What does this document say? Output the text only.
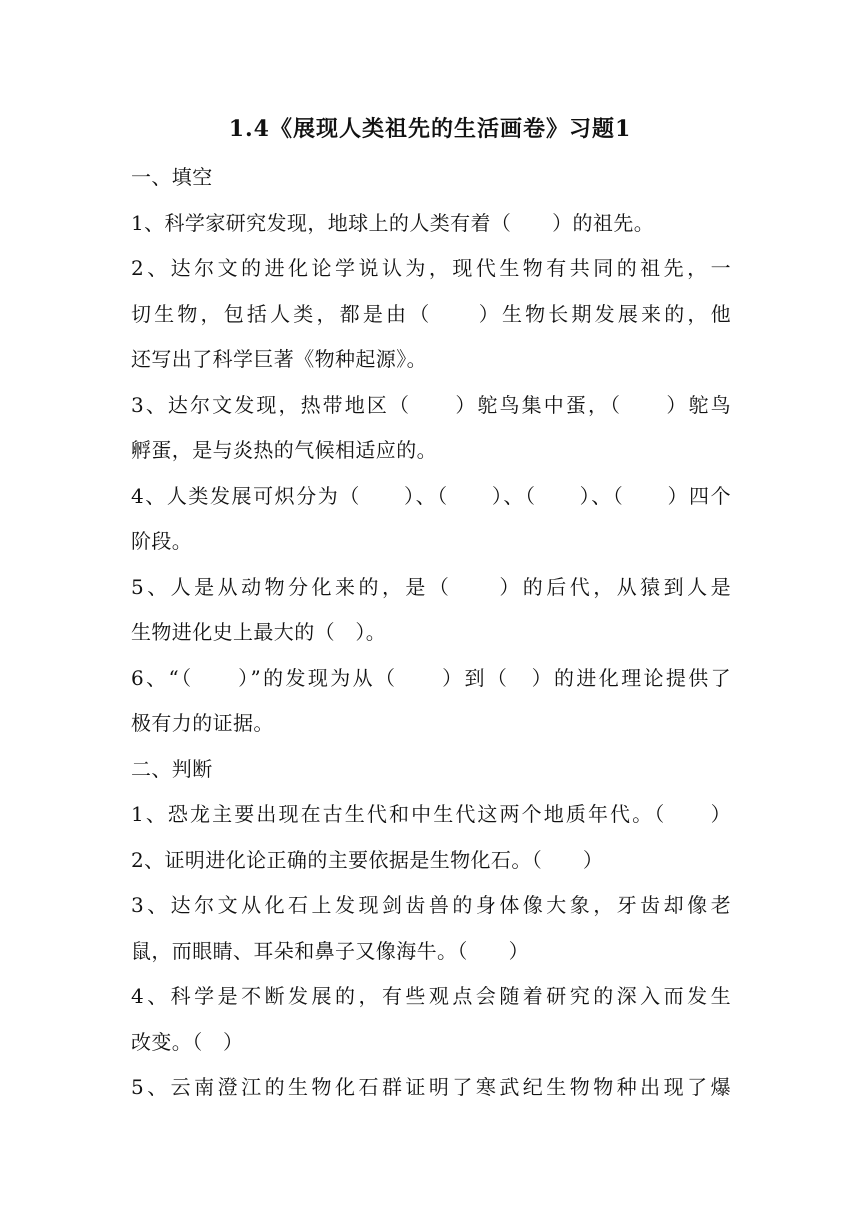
1.4《展现人类祖先的生活画卷》习题1
一、填空
1、科学家研究发现，地球上的人类有着（　　）的祖先。
2、达尔文的进化论学说认为，现代生物有共同的祖先，一
切生物，包括人类，都是由（　　）生物长期发展来的，他
还写出了科学巨著《物种起源》。
3、达尔文发现，热带地区（　　）鸵鸟集中蛋，（　　）鸵鸟
孵蛋，是与炎热的气候相适应的。
4、人类发展可炽分为（　　）、（　　）、（　　）、（　　）四个
阶段。
5、人是从动物分化来的，是（　　）的后代，从猿到人是
生物进化史上最大的（　）。
6、“（　　）”的发现为从（　　）到（　）的进化理论提供了
极有力的证据。
二、判断
1、恐龙主要出现在古生代和中生代这两个地质年代。（　　）
2、证明进化论正确的主要依据是生物化石。（　　）
3、达尔文从化石上发现剑齿兽的身体像大象，牙齿却像老
鼠，而眼睛、耳朵和鼻子又像海牛。（　　）
4、科学是不断发展的，有些观点会随着研究的深入而发生
改变。（　）
5、云南澄江的生物化石群证明了寒武纪生物物种出现了爆
